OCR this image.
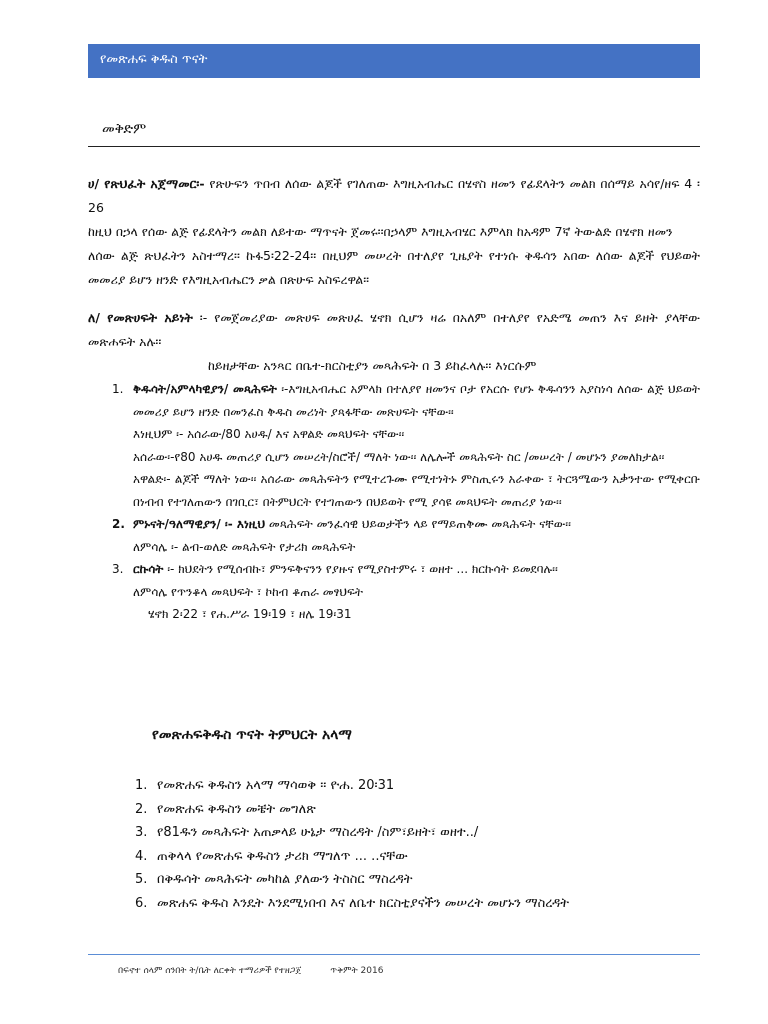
የመጽሐፍ ቅዱስ ጥናት
መቅድም

ሀ/ የጽህፈት አጀማመር፡- የጽሁፍን ጥበብ ለሰው ልጆች የገለጠው እግዚአብሔር በሄኖስ ዘመን የፊደላትን መልክ በሰማይ አሳየ/ዘፍ 4 ፡26

ከዚህ በኃላ የሰው ልጅ የፊደላትን መልክ ለይተው ማጥናት ጀመሩ፡፡በኃላም እግዚአብሄር እምላክ ከአዳም 7ኛ ትውልድ በሄኖክ ዘመን

ለሰው ልጅ ጽህፈትን አስተማረ፡፡ ኩፋ5፡22-24፡፡ በዚህም መሠረት በተለያየ ጊዜያት የተነሱ ቅዱሳን አበው ለሰው ልጆች የህይወት መመሪያ ይሆን ዘንድ የእግዚአብሔርን ቃል በጽሁፍ አስፍረዋል፡፡

ለ/ የመጽሀፍት አይነት ፡- የመጀመሪያው መጽሀፍ መጽሀፈ ሄኖክ ሲሆን ዛሬ በአለም በተለያየ የአድሜ መጠን እና ይዘት ያላቸው መጽሐፍት አሉ፡፡

ከይዘታቸው አንጻር በቤተ-ክርስቲያን መጻሕፍት በ 3 ይከፈላሉ፡፡ እነርሱም

1. ቅዱሳት/አምላካዊያን/ መጻሕፍት ፡-እግዚአብሔር አምላክ በተለያየ ዘመንና ቦታ የአርሱ የሆኑ ቅዱሳንን አያስነሳ ለሰው ልጅ ህይወት መመሪያ ይሆን ዘንድ በመንፈስ ቅዱስ መሪነት ያጻፋቸው መጽሀፍት ናቸው፡፡

እነዚህም ፡- አሰራው/80 አሀዱ/ እና አዋልድ መጻህፍት ናቸው፡፡

አሰራው፡-የ80 አሀዱ መጠሪያ ሲሆን መሠረት/ስሮች/ ማለት ነው፡፡ ለሌሎች መጻሕፍት ስር /መሠረት / መሆኑን ያመለክታል፡፡

አዋልድ፡- ልጆች ማለት ነው፡፡ አሰራው መጻሕፍትን የሚተረጉሙ የሚተነትኑ ምስጢሩን አራቀው ፣ ትርጓሜውን አቃንተው የሚቀርቡ በነብብ የተገለጠውን በገቢር፣ በትምህርት የተገጠውን በህይወት የሚ ያሳዩ መጻህፍት መጠሪያ ነው፡፡

2. ምኑናት/ዓለማዊያን/ ፡- እነዚህ መጻሕፍት መንፈሳዊ ህይወታችን ላይ የማይጠቅሙ መጻሕፍት ናቸው፡፡

ለምሳሌ ፡- ልብ-ወለድ መጻሕፍት የታሪክ መጻሕፍት

3. ርኩሳት ፡- ክህደትን የሚሰብኩ፣ ምንፍቅናንን የያዙና የሚያስተምሩ ፣ ወዘተ ... ክርኩሳት ይመደባሉ፡፡

ለምሳሌ የጥንቆላ መጻህፍት ፣ ኮከብ ቆጠራ መፃህፍት

ሄኖክ 2፡22 ፣ የሐ.ሥራ 19፡19 ፣ ዘሌ 19፡31

የመጽሐፍቅዱስ ጥናት ትምህርት አላማ
1. የመጽሐፍ ቅዱስን አላማ ማሳወቅ ፡፡ ዮሐ. 20፡31
2. የመጽሐፍ ቅዱስን መቼት መግለጽ
3. የ81ዱን መጻሕፍት አጠቃላይ ሁኔታ ማስረዳት /ስም፣ይዘት፣ ወዘተ../
4. ጠቅላላ የመጽሐፍ ቅዱስን ታሪክ ማግለጥ ... ..ናቸው
5. በቅዱሳት መጻሕፍት መካከል ያለውን ትስስር ማስረዳት
6. መጽሐፍ ቅዱስ እንዴት እንደሚነበብ እና ለቤተ ክርስቲያናችን መሠረት መሆኑን ማስረዳት
በፍኖተ ሰላም ሰንበት ት/ቤት ለርቀት ተማሪዎች የተዘጋጀ	ጥቅምት 2016
